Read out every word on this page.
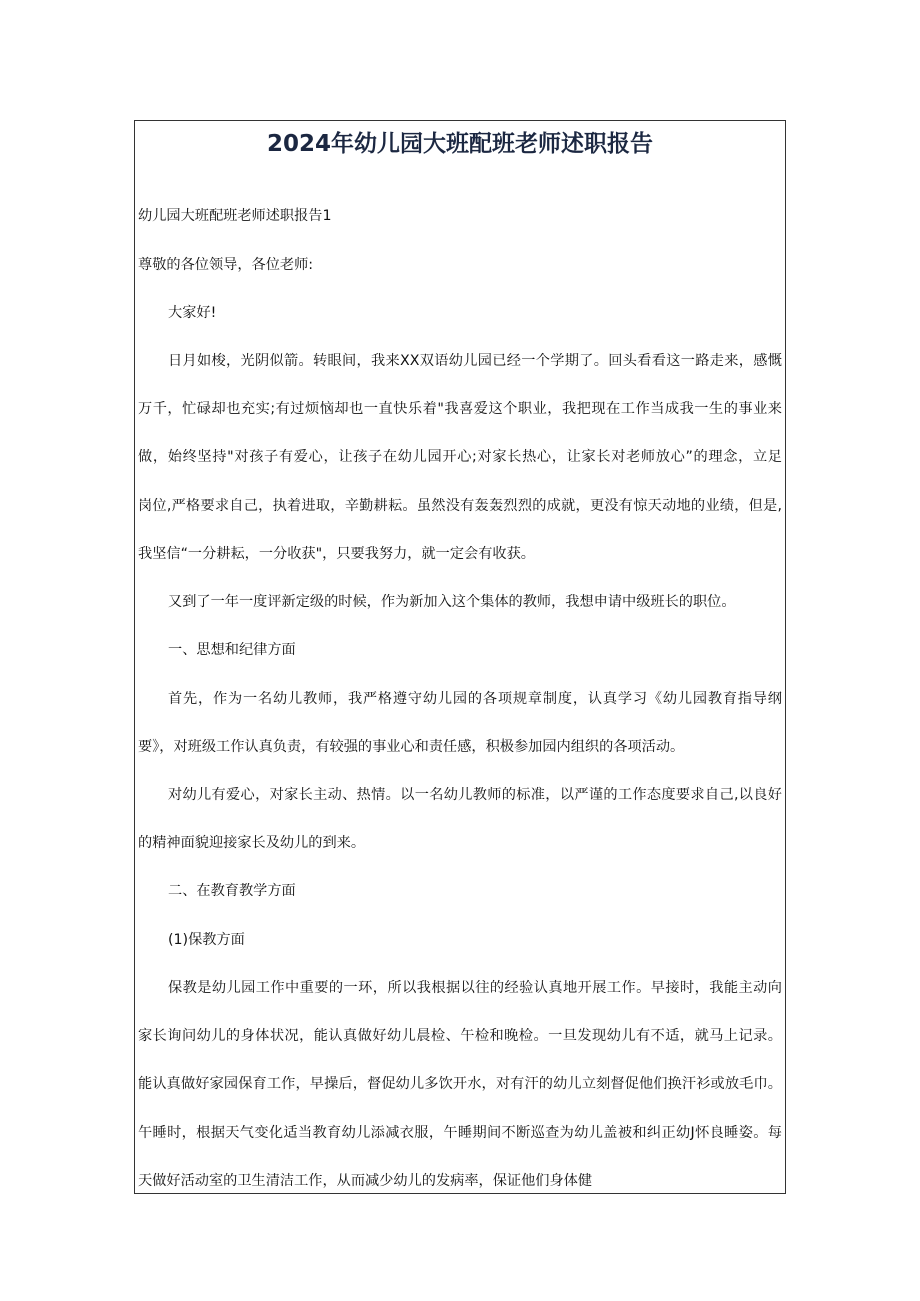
2024年幼儿园大班配班老师述职报告

幼儿园大班配班老师述职报告1

尊敬的各位领导，各位老师:

大家好!

日月如梭，光阴似箭。转眼间，我来XX双语幼儿园已经一个学期了。回头看看这一路走来，感慨

万千，忙碌却也充实;有过烦恼却也一直快乐着"我喜爱这个职业，我把现在工作当成我一生的事业来

做，始终坚持"对孩子有爱心，让孩子在幼儿园开心;对家长热心，让家长对老师放心”的理念，立足

岗位,严格要求自己，执着进取，辛勤耕耘。虽然没有轰轰烈烈的成就，更没有惊天动地的业绩，但是,

我坚信“一分耕耘，一分收获"，只要我努力，就一定会有收获。

又到了一年一度评新定级的时候，作为新加入这个集体的教师，我想申请中级班长的职位。

一、思想和纪律方面

首先，作为一名幼儿教师，我严格遵守幼儿园的各项规章制度，认真学习《幼儿园教育指导纲

要》，对班级工作认真负责，有较强的事业心和责任感，积极参加园内组织的各项活动。

对幼儿有爱心，对家长主动、热情。以一名幼儿教师的标准，以严谨的工作态度要求自己,以良好

的精神面貌迎接家长及幼儿的到来。

二、在教育教学方面

(1)保教方面

保教是幼儿园工作中重要的一环，所以我根据以往的经验认真地开展工作。早接时，我能主动向

家长询问幼儿的身体状况，能认真做好幼儿晨检、午检和晚检。一旦发现幼儿有不适，就马上记录。

能认真做好家园保育工作，早操后，督促幼儿多饮开水，对有汗的幼儿立刻督促他们换汗衫或放毛巾。

午睡时，根据天气变化适当教育幼儿添减衣服，午睡期间不断巡查为幼儿盖被和纠正幼J怀良睡姿。每

天做好活动室的卫生清洁工作，从而减少幼儿的发病率，保证他们身体健
